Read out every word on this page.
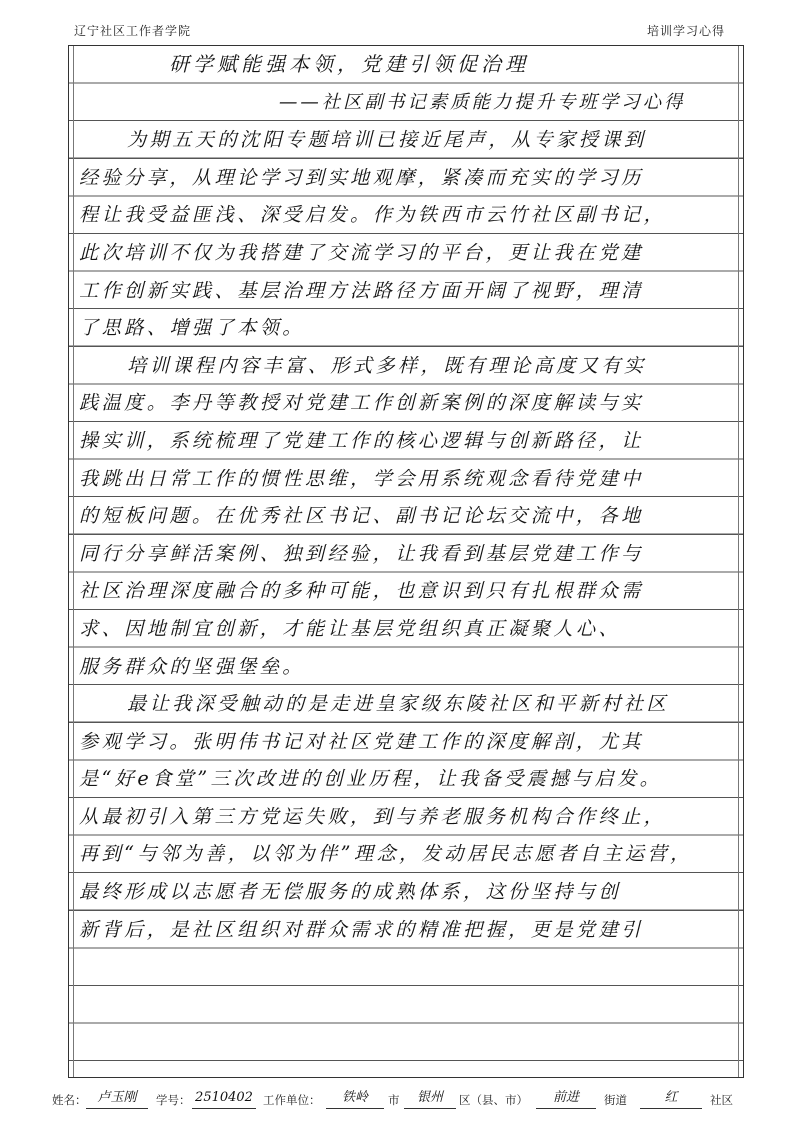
辽宁社区工作者学院	培训学习心得
研学赋能强本领，党建引领促治理
——社区副书记素质能力提升专班学习心得
为期五天的沈阳专题培训已接近尾声，从专家授课到
经验分享，从理论学习到实地观摩，紧凑而充实的学习历
程让我受益匪浅、深受启发。作为铁西市云竹社区副书记，
此次培训不仅为我搭建了交流学习的平台，更让我在党建
工作创新实践、基层治理方法路径方面开阔了视野，理清
了思路、增强了本领。
培训课程内容丰富、形式多样，既有理论高度又有实
践温度。李丹等教授对党建工作创新案例的深度解读与实
操实训，系统梳理了党建工作的核心逻辑与创新路径，让
我跳出日常工作的惯性思维，学会用系统观念看待党建中
的短板问题。在优秀社区书记、副书记论坛交流中，各地
同行分享鲜活案例、独到经验，让我看到基层党建工作与
社区治理深度融合的多种可能，也意识到只有扎根群众需
求、因地制宜创新，才能让基层党组织真正凝聚人心、
服务群众的坚强堡垒。
最让我深受触动的是走进皇家级东陵社区和平新村社区
参观学习。张明伟书记对社区党建工作的深度解剖，尤其
是“好e食堂”三次改进的创业历程，让我备受震撼与启发。
从最初引入第三方党运失败，到与养老服务机构合作终止，
再到“与邻为善，以邻为伴”理念，发动居民志愿者自主运营，
最终形成以志愿者无偿服务的成熟体系，这份坚持与创
新背后，是社区组织对群众需求的精准把握，更是党建引
姓名： 卢玉刚	学号： 2510402 工作单位：	铁岭	市	银州	区（县、市）	前进	街道	红	社区
